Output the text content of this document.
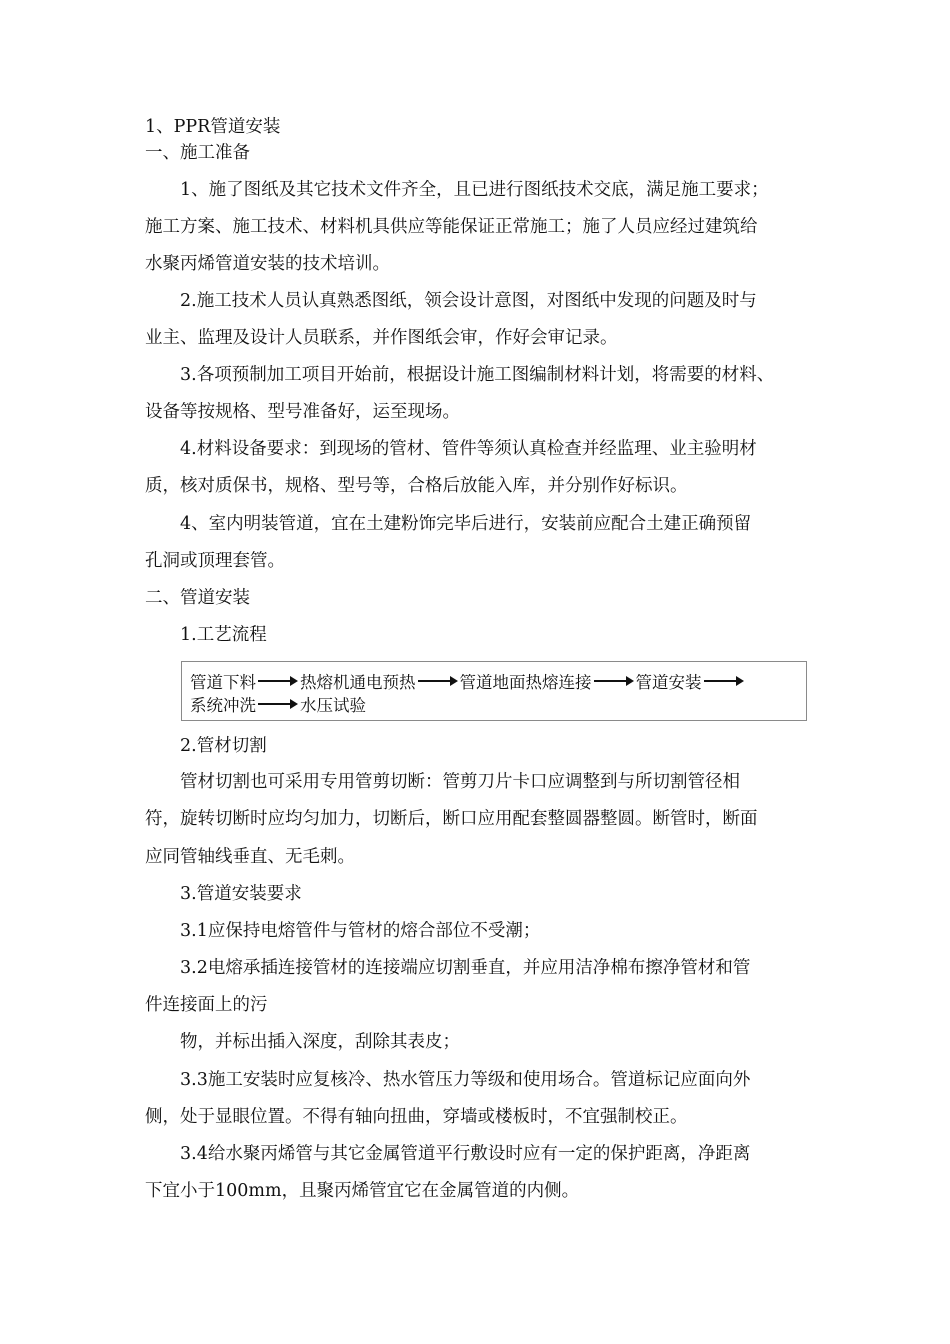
1、PPR管道安装
一、施工准备
　　1、施了图纸及其它技术文件齐全，且已进行图纸技术交底，满足施工要求；
施工方案、施工技术、材料机具供应等能保证正常施工；施了人员应经过建筑给
水聚丙烯管道安装的技术培训。
　　2.施工技术人员认真熟悉图纸，领会设计意图，对图纸中发现的问题及时与
业主、监理及设计人员联系，并作图纸会审，作好会审记录。
　　3.各项预制加工项目开始前，根据设计施工图编制材料计划，将需要的材料、
设备等按规格、型号准备好，运至现场。
　　4.材料设备要求：到现场的管材、管件等须认真检查并经监理、业主验明材
质，核对质保书，规格、型号等，合格后放能入库，并分别作好标识。
　　4、室内明装管道，宜在土建粉饰完毕后进行，安装前应配合土建正确预留
孔洞或顶理套管。
二、管道安装
　　1.工艺流程
管道下料	热熔机通电预热	管道地面热熔连接	管道安装
系统冲洗	水压试验
　　2.管材切割
　　管材切割也可采用专用管剪切断：管剪刀片卡口应调整到与所切割管径相
符，旋转切断时应均匀加力，切断后，断口应用配套整圆器整圆。断管时，断面
应同管轴线垂直、无毛刺。
　　3.管道安装要求
　　3.1应保持电熔管件与管材的熔合部位不受潮；
　　3.2电熔承插连接管材的连接端应切割垂直，并应用洁净棉布擦净管材和管
件连接面上的污
　　物，并标出插入深度，刮除其表皮；
　　3.3施工安装时应复核冷、热水管压力等级和使用场合。管道标记应面向外
侧，处于显眼位置。不得有轴向扭曲，穿墙或楼板时，不宜强制校正。
　　3.4给水聚丙烯管与其它金属管道平行敷设时应有一定的保护距离，净距离
下宜小于100mm，且聚丙烯管宜它在金属管道的内侧。
